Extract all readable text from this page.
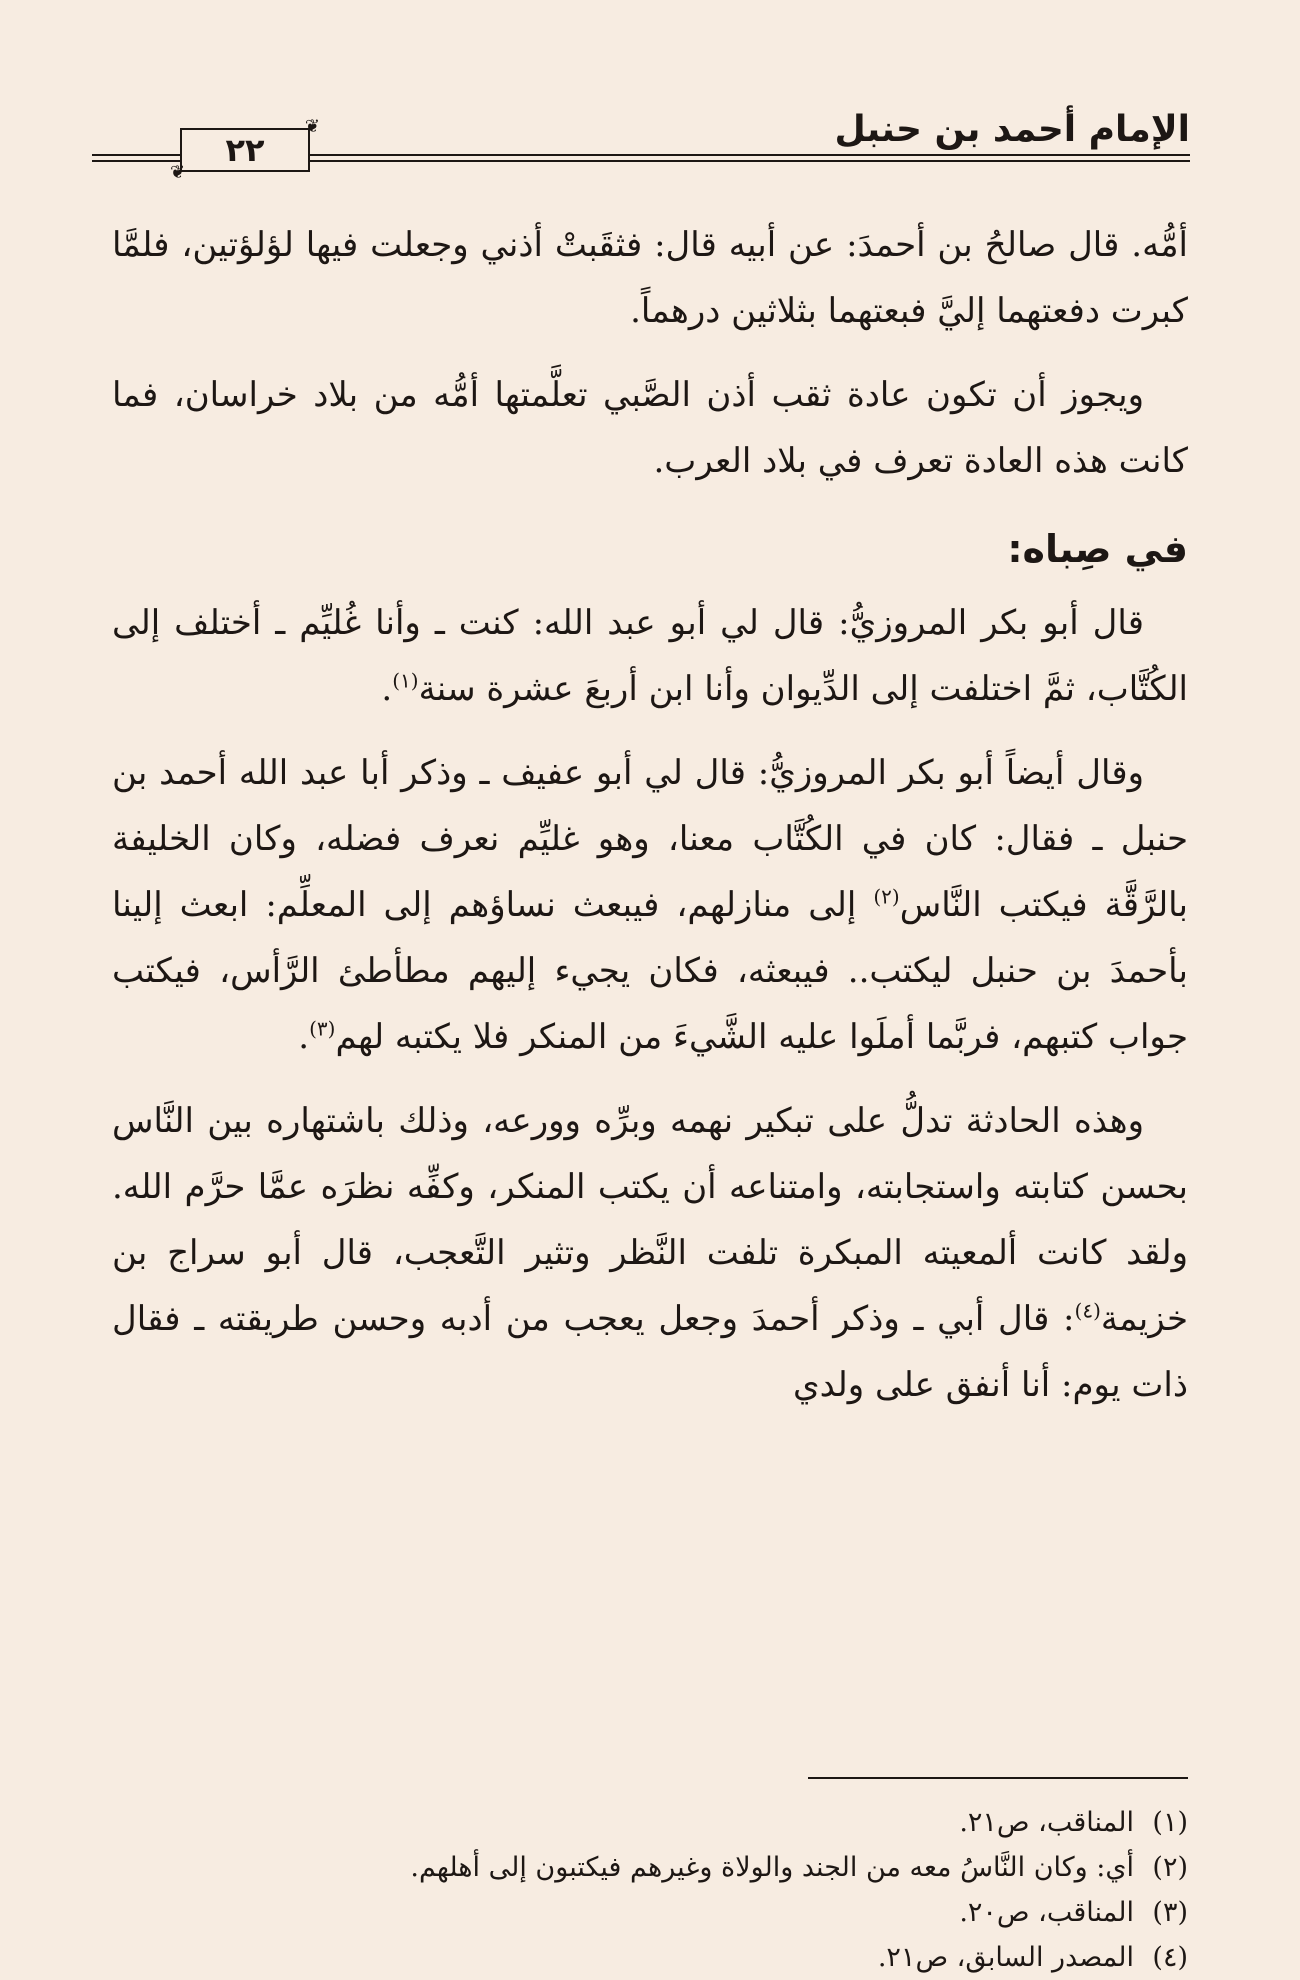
الإمام أحمد بن حنبل
❦
٢٢
❦

أمُّه. قال صالحُ بن أحمدَ: عن أبيه قال: فثقَبتْ أذني وجعلت فيها لؤلؤتين، فلمَّا كبرت دفعتهما إليَّ فبعتهما بثلاثين درهماً.

ويجوز أن تكون عادة ثقب أذن الصَّبي تعلَّمتها أمُّه من بلاد خراسان، فما كانت هذه العادة تعرف في بلاد العرب.

في صِباه:

قال أبو بكر المروزيُّ: قال لي أبو عبد الله: كنت ـ وأنا غُليِّم ـ أختلف إلى الكُتَّاب، ثمَّ اختلفت إلى الدِّيوان وأنا ابن أربعَ عشرة سنة$^{(١)}$.

وقال أيضاً أبو بكر المروزيُّ: قال لي أبو عفيف ـ وذكر أبا عبد الله أحمد بن حنبل ـ فقال: كان في الكُتَّاب معنا، وهو غليِّم نعرف فضله، وكان الخليفة بالرَّقَّة فيكتب النَّاس$^{(٢)}$ إلى منازلهم، فيبعث نساؤهم إلى المعلِّم: ابعث إلينا بأحمدَ بن حنبل ليكتب.. فيبعثه، فكان يجيء إليهم مطأطئ الرَّأس، فيكتب جواب كتبهم، فربَّما أملَوا عليه الشَّيءَ من المنكر فلا يكتبه لهم$^{(٣)}$.

وهذه الحادثة تدلُّ على تبكير نهمه وبرِّه وورعه، وذلك باشتهاره بين النَّاس بحسن كتابته واستجابته، وامتناعه أن يكتب المنكر، وكفِّه نظرَه عمَّا حرَّم الله. ولقد كانت ألمعيته المبكرة تلفت النَّظر وتثير التَّعجب، قال أبو سراج بن خزيمة$^{(٤)}$: قال أبي ـ وذكر أحمدَ وجعل يعجب من أدبه وحسن طريقته ـ فقال ذات يوم: أنا أنفق على ولدي

(١)المناقب، ص٢١.
(٢)أي: وكان النَّاسُ معه من الجند والولاة وغيرهم فيكتبون إلى أهلهم.
(٣)المناقب، ص٢٠.
(٤)المصدر السابق، ص٢١.
